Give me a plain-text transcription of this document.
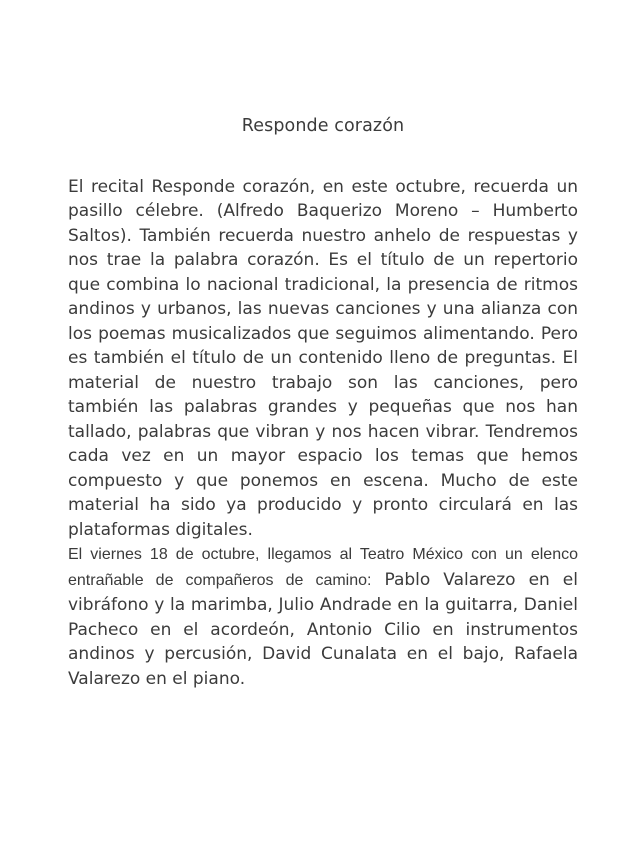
Responde corazón

El recital Responde corazón, en este octubre, recuerda un pasillo célebre. (Alfredo Baquerizo Moreno – Humberto Saltos). También recuerda nuestro anhelo de respuestas y nos trae la palabra corazón. Es el título de un repertorio que combina lo nacional tradicional, la presencia de ritmos andinos y urbanos, las nuevas canciones y una alianza con los poemas musicalizados que seguimos alimentando. Pero es también el título de un contenido lleno de preguntas. El material de nuestro trabajo son las canciones, pero también las palabras grandes y pequeñas que nos han tallado, palabras que vibran y nos hacen vibrar. Tendremos cada vez en un mayor espacio los temas que hemos compuesto y que ponemos en escena. Mucho de este material ha sido ya producido y pronto circulará en las plataformas digitales.

El viernes 18 de octubre, llegamos al Teatro México con un elenco entrañable de compañeros de camino: Pablo Valarezo en el vibráfono y la marimba, Julio Andrade en la guitarra, Daniel Pacheco en el acordeón, Antonio Cilio en instrumentos andinos y percusión, David Cunalata en el bajo, Rafaela Valarezo en el piano.
